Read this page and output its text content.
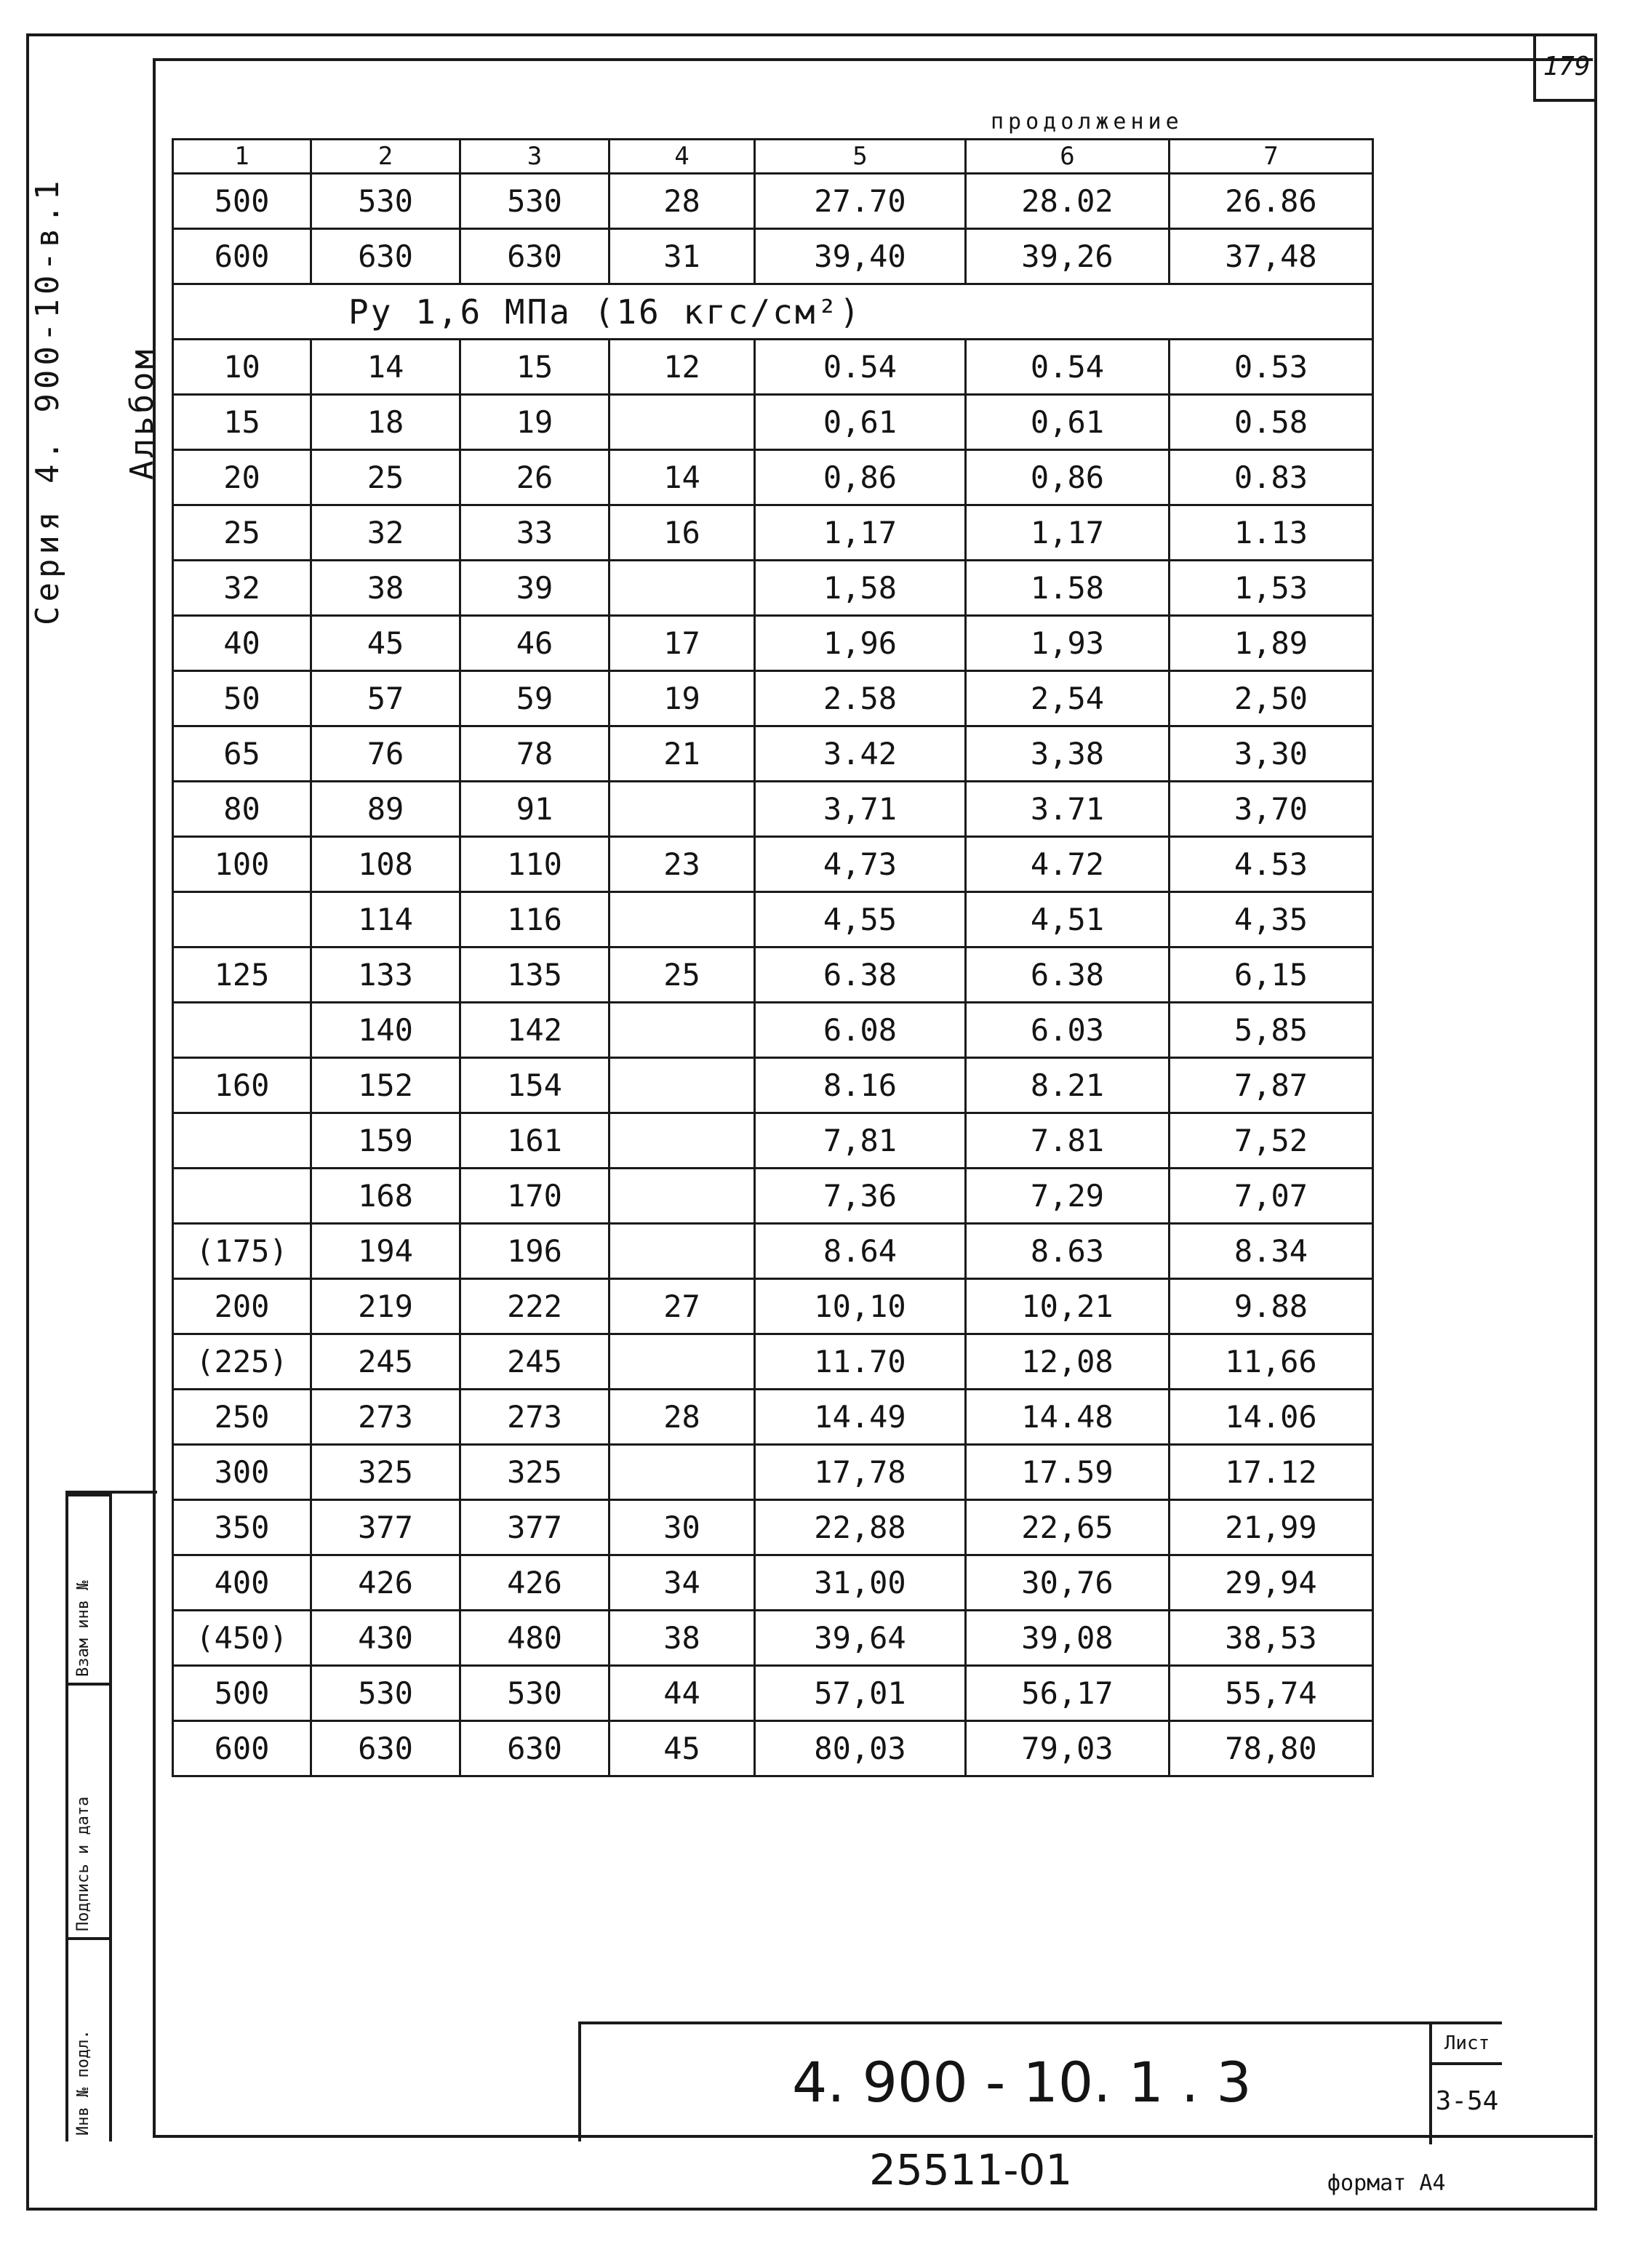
179
Серия 4. 900-10-в.1 Альбом
продолжение
1	2	3	4	5	6	7
500	530	530	28	27.70	28.02	26.86
600	630	630	31	39,40	39,26	37,48
Ру 1,6 МПа (16 кгс/см²)						
10	14	15	12	0.54	0.54	0.53
15	18	19		0,61	0,61	0.58
20	25	26	14	0,86	0,86	0.83
25	32	33	16	1,17	1,17	1.13
32	38	39		1,58	1.58	1,53
40	45	46	17	1,96	1,93	1,89
50	57	59	19	2.58	2,54	2,50
65	76	78	21	3.42	3,38	3,30
80	89	91		3,71	3.71	3,70
100	108	110	23	4,73	4.72	4.53
	114	116		4,55	4,51	4,35
125	133	135	25	6.38	6.38	6,15
	140	142		6.08	6.03	5,85
160	152	154		8.16	8.21	7,87
	159	161		7,81	7.81	7,52
	168	170		7,36	7,29	7,07
(175)	194	196		8.64	8.63	8.34
200	219	222	27	10,10	10,21	9.88
(225)	245	245		11.70	12,08	11,66
250	273	273	28	14.49	14.48	14.06
300	325	325		17,78	17.59	17.12
350	377	377	30	22,88	22,65	21,99
400	426	426	34	31,00	30,76	29,94
(450)	430	480	38	39,64	39,08	38,53
500	530	530	44	57,01	56,17	55,74
600	630	630	45	80,03	79,03	78,80
Взам инв №
Подпись и дата
Инв № подл.	4. 900 - 10. 1 . 3
Лист
3-54
25511-01	формат А4
